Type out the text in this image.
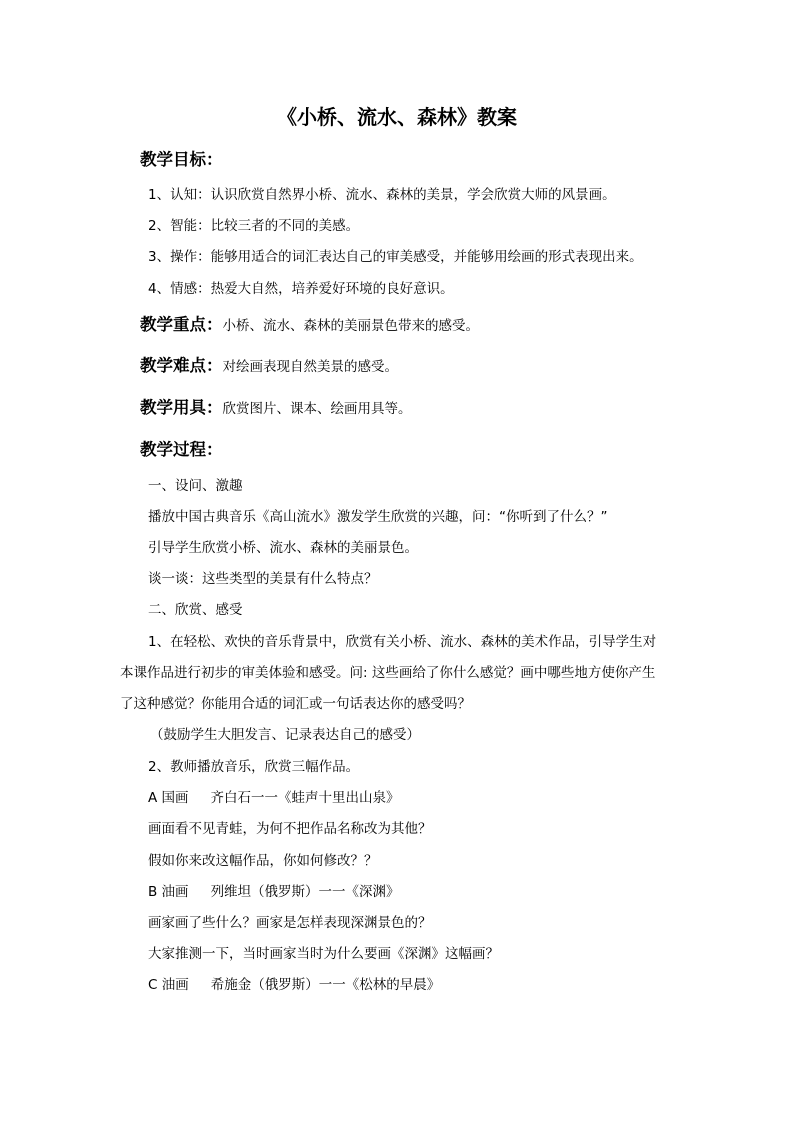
《小桥、流水、森林》教案
教学目标：
1、认知：认识欣赏自然界小桥、流水、森林的美景，学会欣赏大师的风景画。
2、智能：比较三者的不同的美感。
3、操作：能够用适合的词汇表达自己的审美感受，并能够用绘画的形式表现出来。
4、情感：热爱大自然，培养爱好环境的良好意识。
教学重点：小桥、流水、森林的美丽景色带来的感受。
教学难点：对绘画表现自然美景的感受。
教学用具：欣赏图片、课本、绘画用具等。
教学过程：
一、设问、激趣
播放中国古典音乐《高山流水》激发学生欣赏的兴趣，问：“你听到了什么？”
引导学生欣赏小桥、流水、森林的美丽景色。
谈一谈：这些类型的美景有什么特点？
二、欣赏、感受
1、在轻松、欢快的音乐背景中，欣赏有关小桥、流水、森林的美术作品，引导学生对
本课作品进行初步的审美体验和感受。问: 这些画给了你什么感觉？画中哪些地方使你产生
了这种感觉？你能用合适的词汇或一句话表达你的感受吗？
（鼓励学生大胆发言、记录表达自己的感受）
2、教师播放音乐，欣赏三幅作品。
A 国画 齐白石一一《蛙声十里出山泉》
画面看不见青蛙，为何不把作品名称改为其他？
假如你来改这幅作品，你如何修改？？
B 油画 列维坦（俄罗斯）一一《深渊》
画家画了些什么？画家是怎样表现深渊景色的？
大家推测一下，当时画家当时为什么要画《深渊》这幅画？
C 油画 希施金（俄罗斯）一一《松林的早晨》
